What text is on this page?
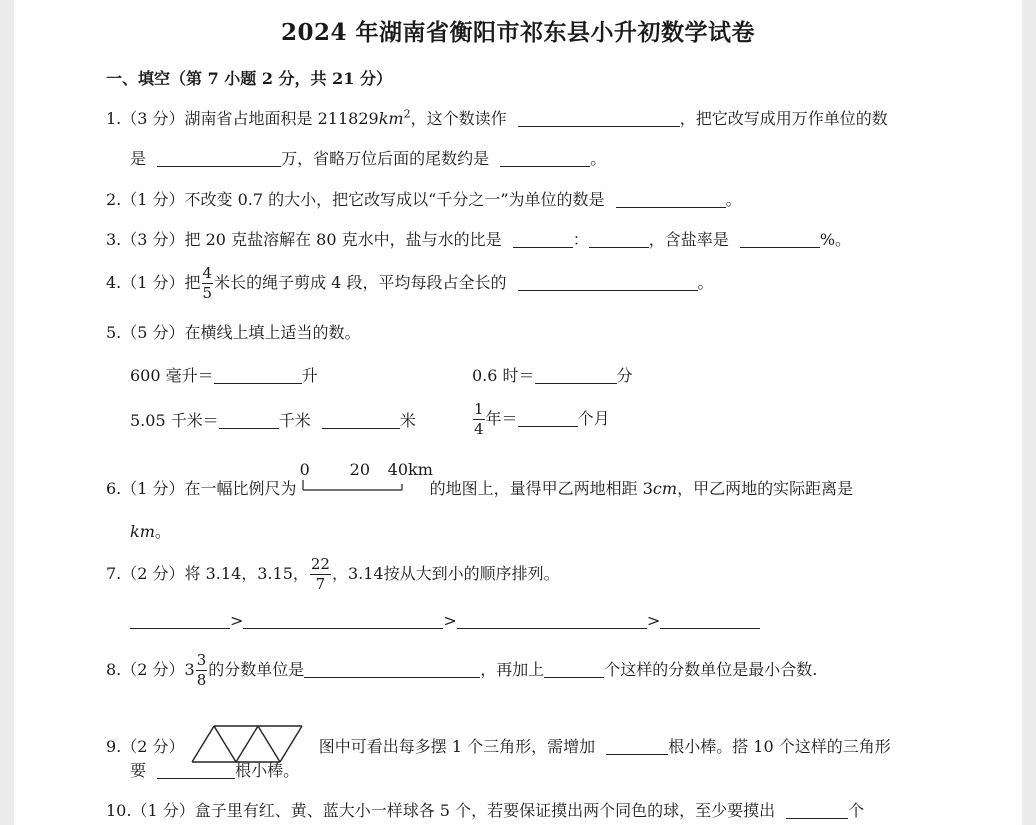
2024 年湖南省衡阳市祁东县小升初数学试卷
一、填空（第 7 小题 2 分，共 21 分）
1.（3 分）湖南省占地面积是 $211829km^2$，这个数读作	，把它改写成用万作单位的数
是	万，省略万位后面的尾数约是	。
2.（1 分）不改变 0.7 的大小，把它改写成以“千分之一”为单位的数是	。
3.（3 分）把 20 克盐溶解在 80 克水中，盐与水的比是	：	，含盐率是	%。
4.（1 分）把 $\frac{4}{5}$ 米长的绳子剪成 4 段，平均每段占全长的	。
5.（5 分）在横线上填上适当的数。
600 毫升＝	升	0.6 时＝	分
5.05 千米＝	千米	米	$\frac{1}{4}$ 年＝	个月
6.（1 分）在一幅比例尺为
0 20 40km
的地图上，量得甲乙两地相距 3cm，甲乙两地的实际距离是
km。
7.（2 分）将 3.14，3.15， $\frac{22}{7}$ ，3.14按从大到小的顺序排列。
>	>	>
8.（2 分）$3 \frac{3}{8}$ 的分数单位是	，再加上	个这样的分数单位是最小合数.
9.（2 分）	图中可看出每多摆 1 个三角形，需增加	根小棒。搭 10 个这样的三角形
要	根小棒。
10.（1 分）盒子里有红、黄、蓝大小一样球各 5 个，若要保证摸出两个同色的球，至少要摸出	个
